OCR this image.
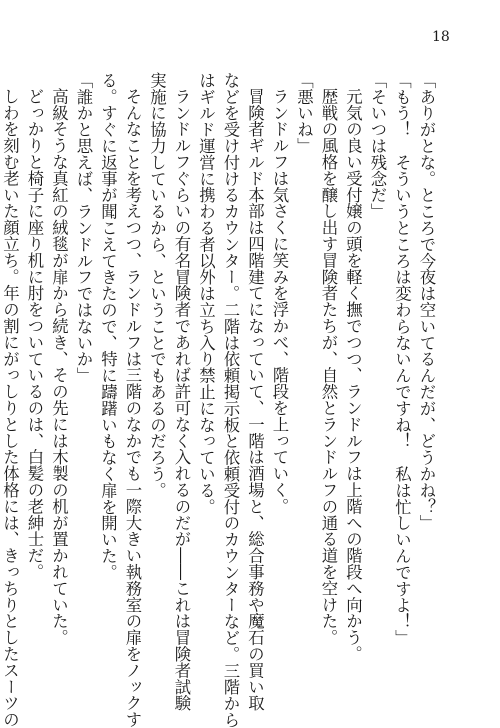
18
「ありがとな。ところで今夜は空いてるんだが、どうかね？」
「もう！　そういうところは変わらないんですね！　私は忙しいんですよ！」
「そいつは残念だ」
元気の良い受付嬢の頭を軽く撫でつつ、ランドルフは上階への階段へ向かう。
歴戦の風格を醸し出す冒険者たちが、自然とランドルフの通る道を空けた。
「悪いね」
ランドルフは気さくに笑みを浮かべ、階段を上っていく。
冒険者ギルド本部は四階建てになっていて、一階は酒場と、総合事務や魔石の買い取
などを受け付けるカウンター。二階は依頼掲示板と依頼受付のカウンターなど。三階から
はギルド運営に携わる者以外は立ち入り禁止になっている。
ランドルフぐらいの有名冒険者であれば許可なく入れるのだが――これは冒険者試験
実施に協力しているから、ということでもあるのだろう。
そんなことを考えつつ、ランドルフは三階のなかでも一際大きい執務室の扉をノックす
る。すぐに返事が聞こえてきたので、特に躊躇いもなく扉を開いた。
「誰かと思えば、ランドルフではないか」
高級そうな真紅の絨毯が扉から続き、その先には木製の机が置かれていた。
どっかりと椅子に座り机に肘をついているのは、白髪の老紳士だ。
しわを刻む老いた顔立ち。年の割にがっしりとした体格には、きっちりとしたスーツの
